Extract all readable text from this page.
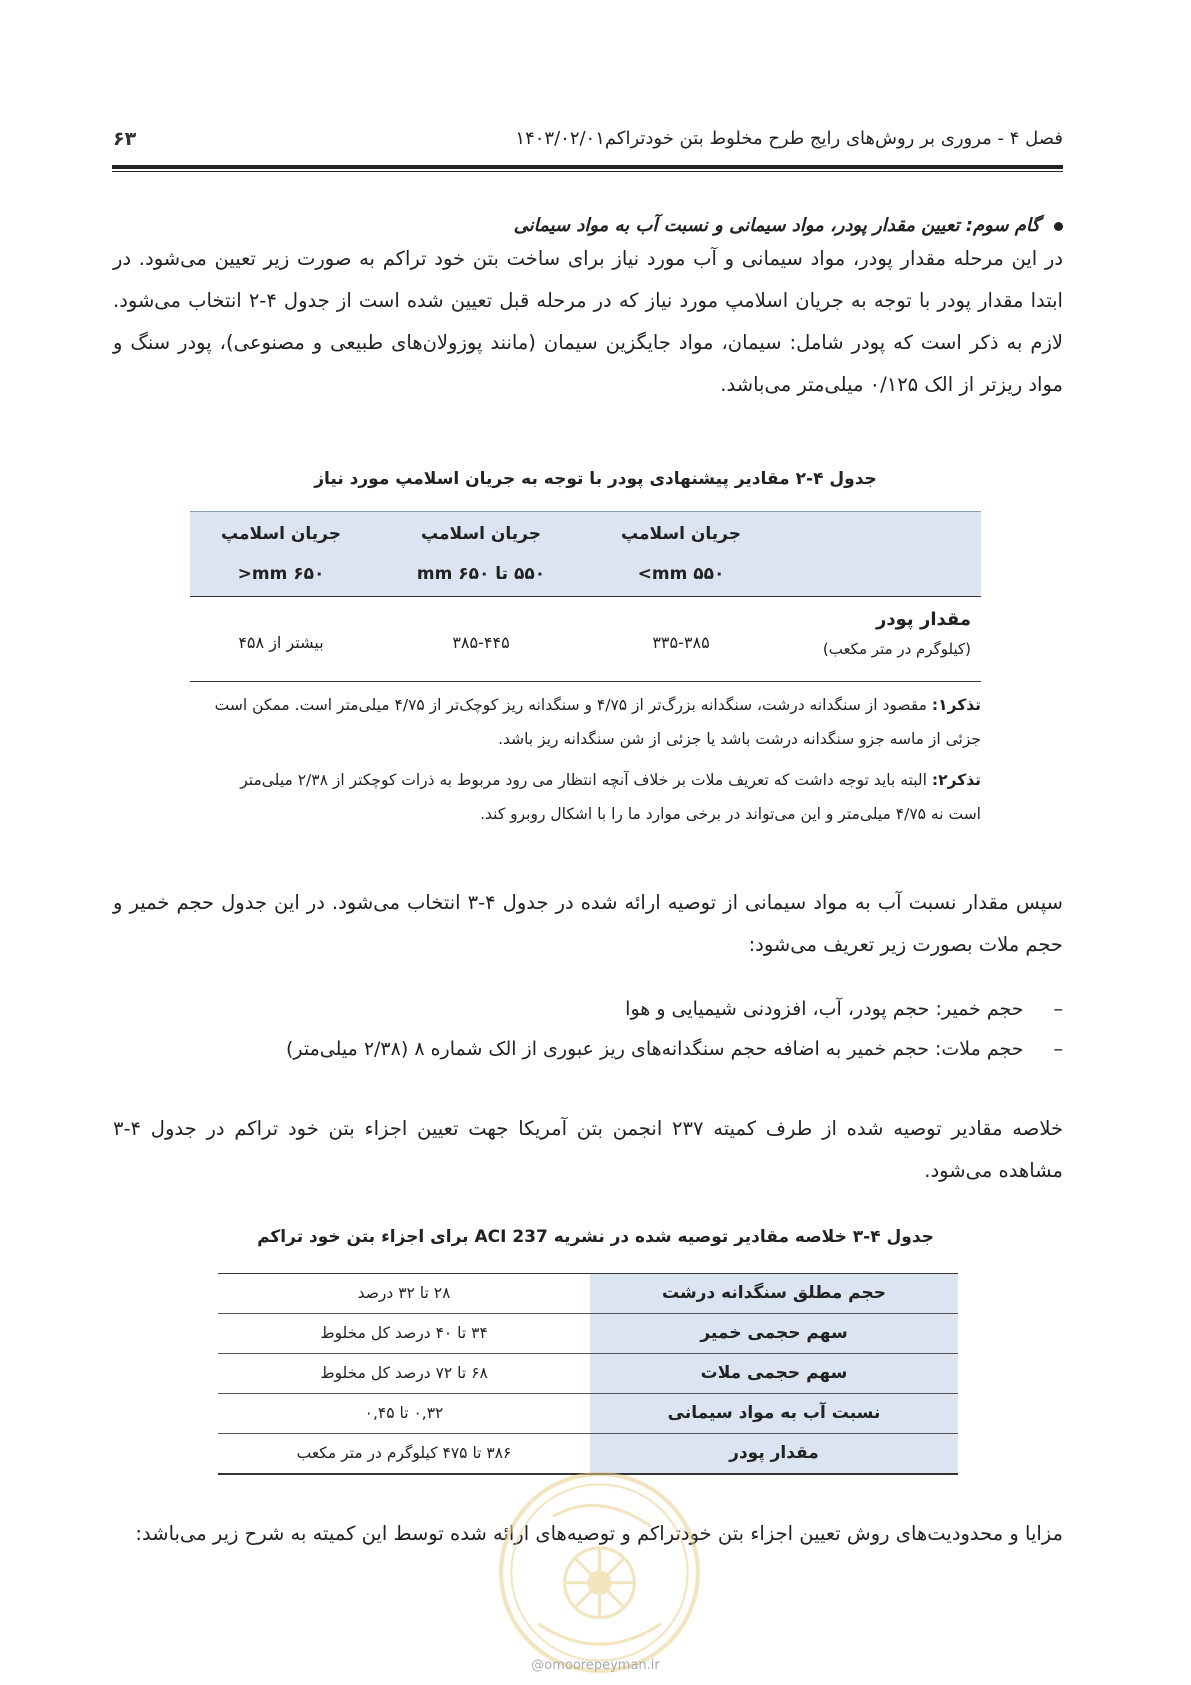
۶۳	فصل ۴ - مروری بر روش‌های رایج طرح مخلوط بتن خودتراکم۱۴۰۳/۰۲/۰۱
گام سوم: تعیین مقدار پودر، مواد سیمانی و نسبت آب به مواد سیمانی
در این مرحله مقدار پودر، مواد سیمانی و آب مورد نیاز برای ساخت بتن خود تراکم به صورت زیر تعیین می‌شود. در ابتدا مقدار پودر با توجه به جریان اسلامپ مورد نیاز که در مرحله قبل تعیین شده است از جدول ۴-۲ انتخاب می‌شود. لازم به ذکر است که پودر شامل: سیمان، مواد جایگزین سیمان (مانند پوزولان‌های طبیعی و مصنوعی)، پودر سنگ و مواد ریزتر از الک ۰/۱۲۵ میلی‌متر می‌باشد.
جدول ۴-۲ مقادیر پیشنهادی پودر با توجه به جریان اسلامپ مورد نیاز
جریان اسلامپ
۵۵۰ mm>
جریان اسلامپ
۵۵۰ تا ۶۵۰ mm
جریان اسلامپ
۶۵۰ mm<
مقدار پودر
(کیلوگرم در متر مکعب)
۳۳۵-۳۸۵
۳۸۵-۴۴۵
بیشتر از ۴۵۸
تذکر۱: مقصود از سنگدانه درشت، سنگدانه بزرگ‌تر از ۴/۷۵ و سنگدانه ریز کوچک‌تر از ۴/۷۵ میلی‌متر است. ممکن است جزئی از ماسه جزو سنگدانه درشت باشد یا جزئی از شن سنگدانه ریز باشد.
تذکر۲: البته باید توجه داشت که تعریف ملات بر خلاف آنچه انتظار می رود مربوط به ذرات کوچکتر از ۲/۳۸ میلی‌متر است نه ۴/۷۵ میلی‌متر و این می‌تواند در برخی موارد ما را با اشکال روبرو کند.
سپس مقدار نسبت آب به مواد سیمانی از توصیه ارائه شده در جدول ۴-۳ انتخاب می‌شود. در این جدول حجم خمیر و حجم ملات بصورت زیر تعریف می‌شود:
–حجم خمیر: حجم پودر، آب، افزودنی شیمیایی و هوا
–حجم ملات: حجم خمیر به اضافه حجم سنگدانه‌های ریز عبوری از الک شماره ۸ (۲/۳۸ میلی‌متر)
خلاصه مقادیر توصیه شده از طرف کمیته ۲۳۷ انجمن بتن آمریکا جهت تعیین اجزاء بتن خود تراکم در جدول ۴-۳ مشاهده می‌شود.
جدول ۴-۳ خلاصه مقادیر توصیه شده در نشریه ACI 237 برای اجزاء بتن خود تراکم
حجم مطلق سنگدانه درشت
۲۸ تا ۳۲ درصد
سهم حجمی خمیر
۳۴ تا ۴۰ درصد کل مخلوط
سهم حجمی ملات
۶۸ تا ۷۲ درصد کل مخلوط
نسبت آب به مواد سیمانی
۰,۳۲ تا ۰,۴۵
مقدار پودر
۳۸۶ تا ۴۷۵ کیلوگرم در متر مکعب
مزایا و محدودیت‌های روش تعیین اجزاء بتن خودتراکم و توصیه‌های ارائه شده توسط این کمیته به شرح زیر می‌باشد:
@omoorepeyman.ir
